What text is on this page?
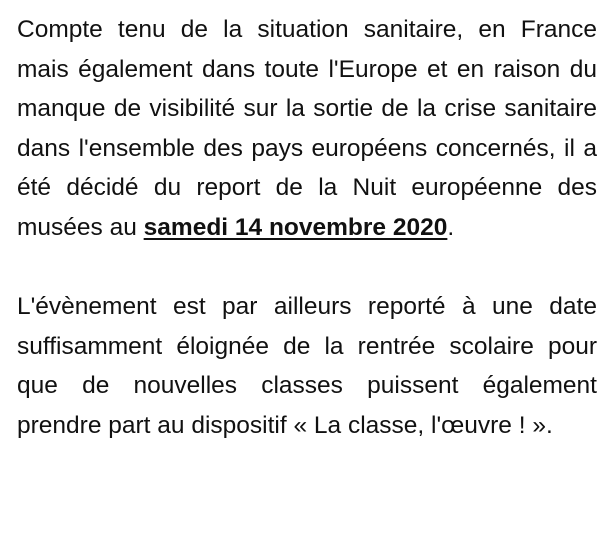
Compte tenu de la situation sanitaire, en France mais également dans toute l'Europe et en raison du manque de visibilité sur la sortie de la crise sanitaire dans l'ensemble des pays européens concernés, il a été décidé du report de la Nuit européenne des musées au samedi 14 novembre 2020.

L'évènement est par ailleurs reporté à une date suffisamment éloignée de la rentrée scolaire pour que de nouvelles classes puissent également prendre part au dispositif « La classe, l'œuvre ! ».
